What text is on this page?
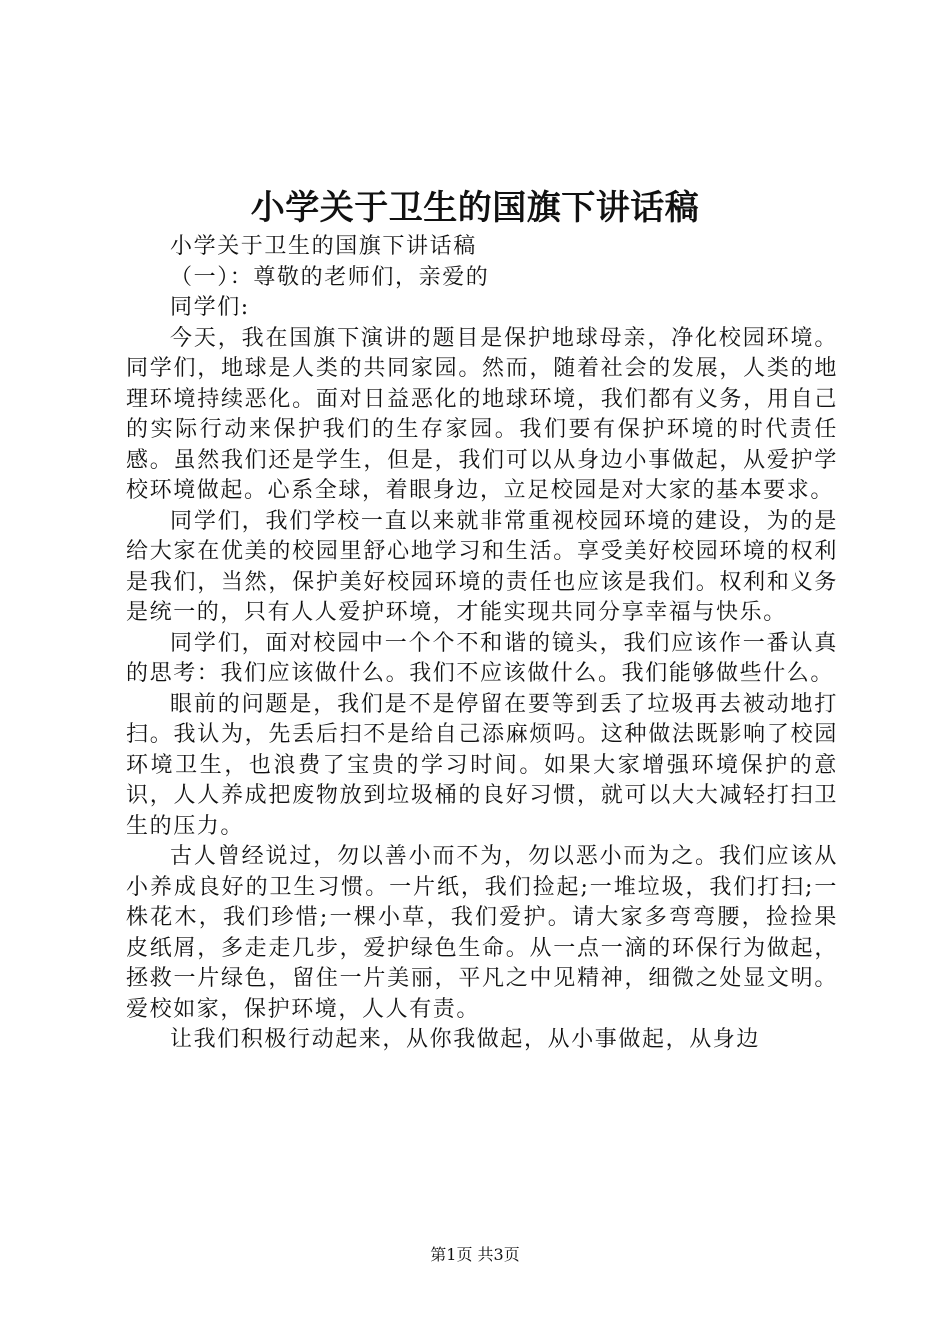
小学关于卫生的国旗下讲话稿

小学关于卫生的国旗下讲话稿

（一）：尊敬的老师们，亲爱的

同学们:

今天，我在国旗下演讲的题目是保护地球母亲，净化校园环境。同学们，地球是人类的共同家园。然而，随着社会的发展，人类的地理环境持续恶化。面对日益恶化的地球环境，我们都有义务，用自己的实际行动来保护我们的生存家园。我们要有保护环境的时代责任感。虽然我们还是学生，但是，我们可以从身边小事做起，从爱护学校环境做起。心系全球，着眼身边，立足校园是对大家的基本要求。

同学们，我们学校一直以来就非常重视校园环境的建设，为的是给大家在优美的校园里舒心地学习和生活。享受美好校园环境的权利是我们，当然，保护美好校园环境的责任也应该是我们。权利和义务是统一的，只有人人爱护环境，才能实现共同分享幸福与快乐。

同学们，面对校园中一个个不和谐的镜头，我们应该作一番认真的思考：我们应该做什么。我们不应该做什么。我们能够做些什么。

眼前的问题是，我们是不是停留在要等到丢了垃圾再去被动地打扫。我认为，先丢后扫不是给自己添麻烦吗。这种做法既影响了校园环境卫生，也浪费了宝贵的学习时间。如果大家增强环境保护的意识，人人养成把废物放到垃圾桶的良好习惯，就可以大大减轻打扫卫生的压力。

古人曾经说过，勿以善小而不为，勿以恶小而为之。我们应该从小养成良好的卫生习惯。一片纸，我们捡起;一堆垃圾，我们打扫;一株花木，我们珍惜;一棵小草，我们爱护。请大家多弯弯腰，捡捡果皮纸屑，多走走几步，爱护绿色生命。从一点一滴的环保行为做起，拯救一片绿色，留住一片美丽，平凡之中见精神，细微之处显文明。爱校如家，保护环境，人人有责。

让我们积极行动起来，从你我做起，从小事做起，从身边

第1页 共3页
